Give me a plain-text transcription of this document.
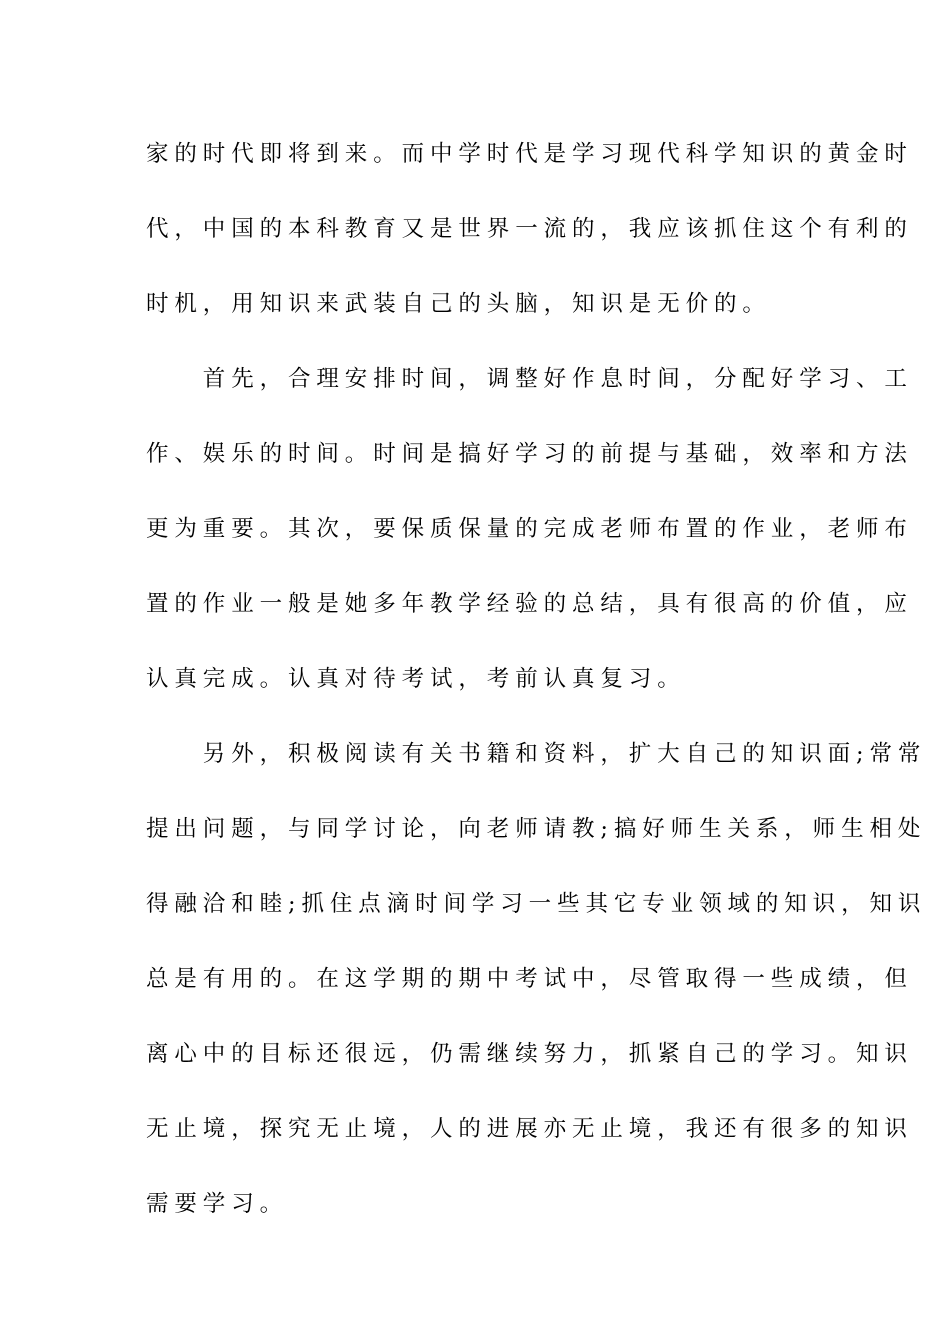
家的时代即将到来。而中学时代是学习现代科学知识的黄金时
代，中国的本科教育又是世界一流的，我应该抓住这个有利的
时机，用知识来武装自己的头脑，知识是无价的。
　　首先，合理安排时间，调整好作息时间，分配好学习、工
作、娱乐的时间。时间是搞好学习的前提与基础，效率和方法
更为重要。其次，要保质保量的完成老师布置的作业，老师布
置的作业一般是她多年教学经验的总结，具有很高的价值，应
认真完成。认真对待考试，考前认真复习。
　　另外，积极阅读有关书籍和资料，扩大自己的知识面;常常
提出问题，与同学讨论，向老师请教;搞好师生关系，师生相处
得融洽和睦;抓住点滴时间学习一些其它专业领域的知识，知识
总是有用的。在这学期的期中考试中，尽管取得一些成绩，但
离心中的目标还很远，仍需继续努力，抓紧自己的学习。知识
无止境，探究无止境，人的进展亦无止境，我还有很多的知识
需要学习。
